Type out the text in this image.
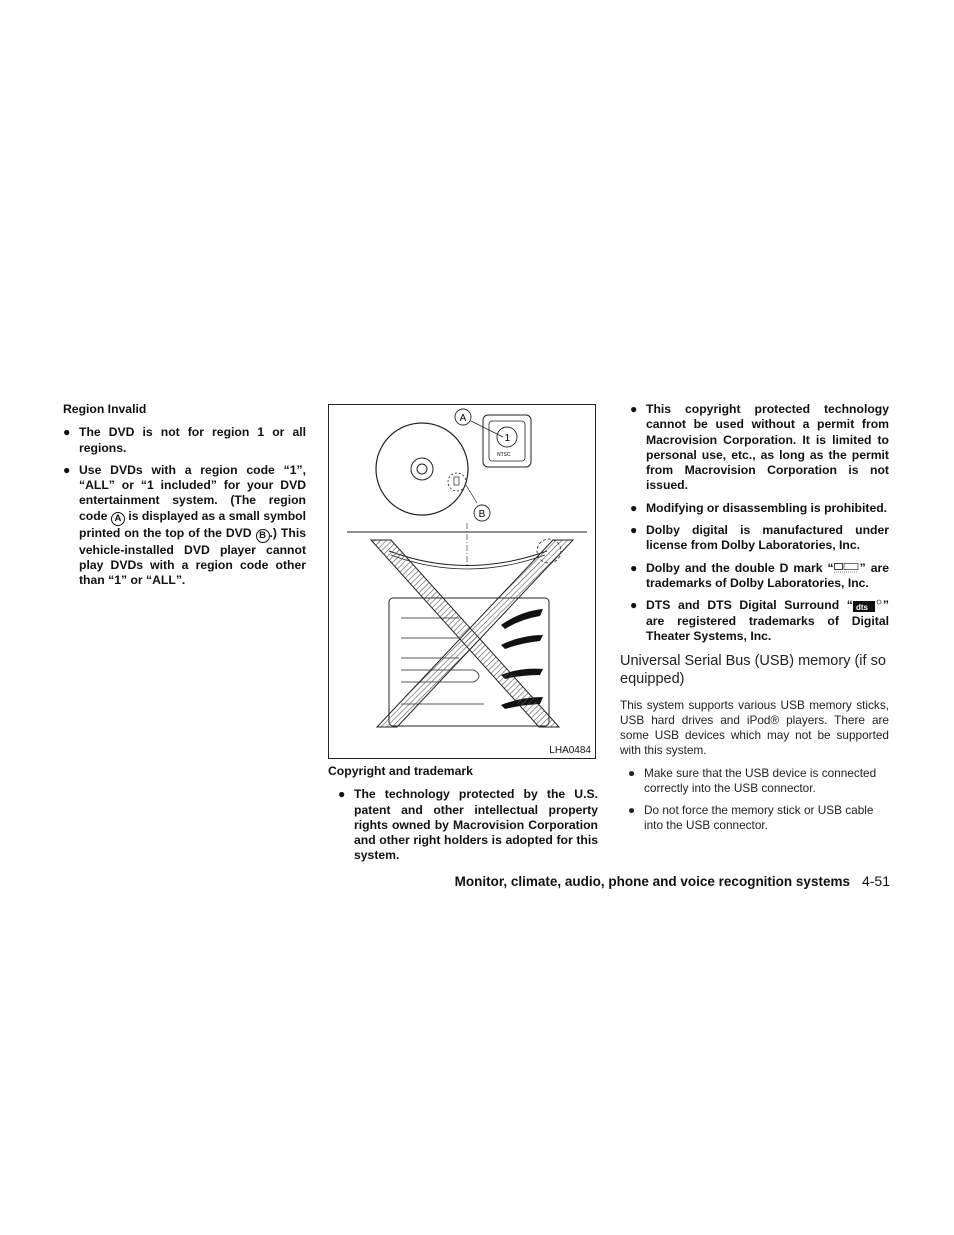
Region Invalid
● The DVD is not for region 1 or all regions.
● Use DVDs with a region code “1”, “ALL” or “1 included” for your DVD entertainment system. (The region code A is displayed as a small symbol printed on the top of the DVD B .) This vehicle-installed DVD player cannot play DVDs with a region code other than “1” or “ALL”.
1
NTSC
A
B
LHA0484
Copyright and trademark
● The technology protected by the U.S. patent and other intellectual property rights owned by Macrovision Corporation and other right holders is adopted for this system.
● This copyright protected technology cannot be used without a permit from Macrovision Corporation. It is limited to personal use, etc., as long as the permit from Macrovision Corporation is not issued.
● Modifying or disassembling is prohibited.
● Dolby digital is manufactured under license from Dolby Laboratories, Inc.
● Dolby and the double D mark “ ” are trademarks of Dolby Laboratories, Inc.
● DTS and DTS Digital Surround “ dts ” are registered trademarks of Digital Theater Systems, Inc.
Universal Serial Bus (USB) memory (if so equipped)
This system supports various USB memory sticks, USB hard drives and iPod® players. There are some USB devices which may not be supported with this system.
● Make sure that the USB device is connected correctly into the USB connector.
● Do not force the memory stick or USB cable into the USB connector.
Monitor, climate, audio, phone and voice recognition systems 4-51
